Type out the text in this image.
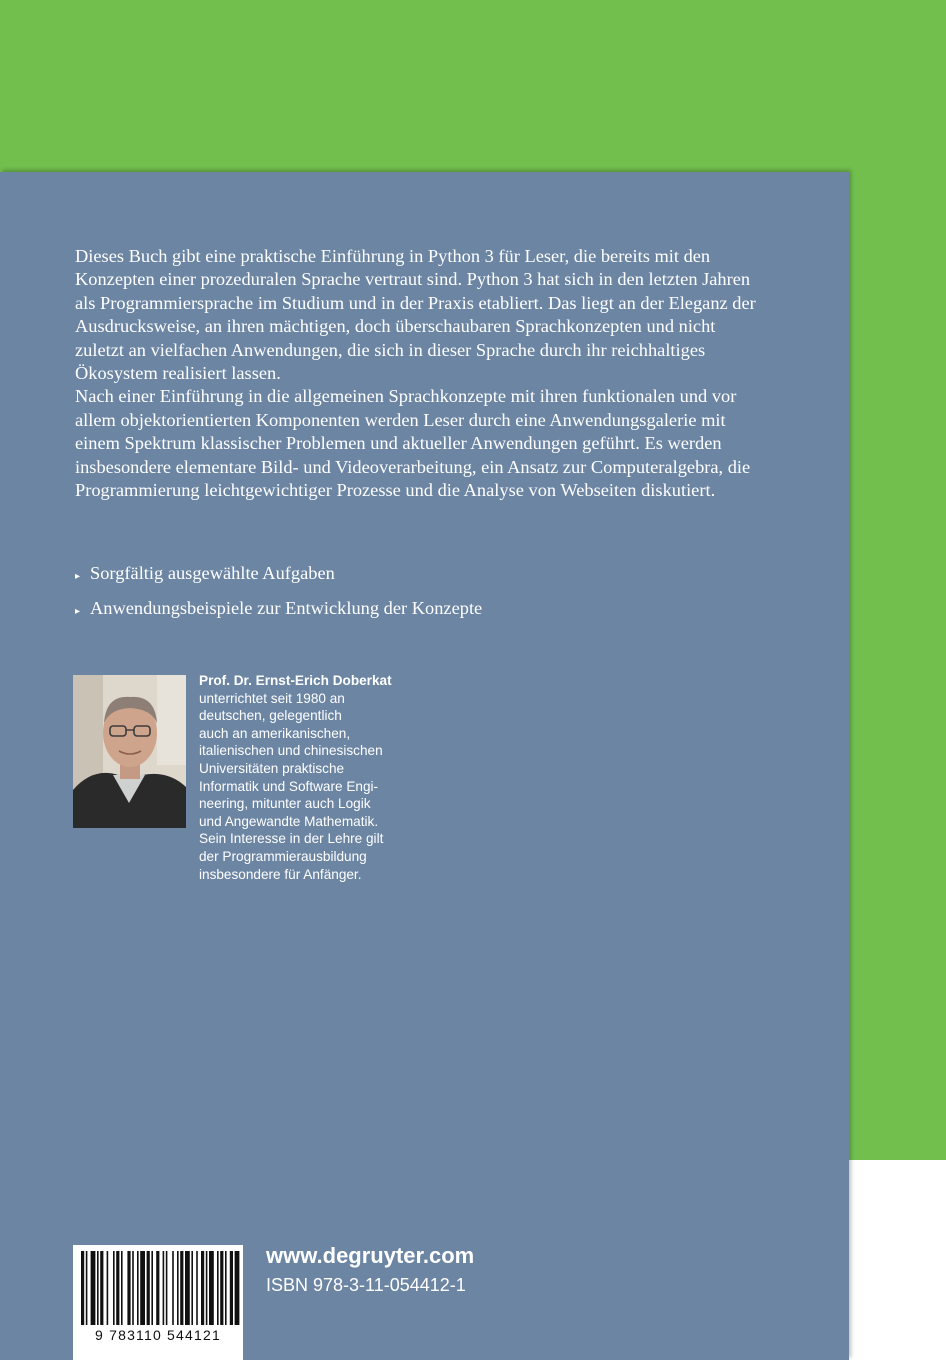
Dieses Buch gibt eine praktische Einführung in Python 3 für Leser, die bereits mit den Konzepten einer prozeduralen Sprache vertraut sind. Python 3 hat sich in den letzten Jahren als Programmiersprache im Studium und in der Praxis etabliert. Das liegt an der Eleganz der Ausdrucksweise, an ihren mächtigen, doch überschaubaren Sprachkonzepten und nicht zuletzt an vielfachen Anwendungen, die sich in dieser Sprache durch ihr reichhaltiges Ökosystem realisiert lassen.

Nach einer Einführung in die allgemeinen Sprachkonzepte mit ihren funktionalen und vor allem objektorientierten Komponenten werden Leser durch eine Anwendungsgalerie mit einem Spektrum klassischer Problemen und aktueller Anwendungen geführt. Es werden insbesondere elementare Bild- und Videoverarbeitung, ein Ansatz zur Computeralgebra, die Programmierung leichtgewichtiger Prozesse und die Analyse von Webseiten diskutiert.

▸ Sorgfältig ausgewählte Aufgaben
▸ Anwendungsbeispiele zur Entwicklung der Konzepte
Prof. Dr. Ernst-Erich Doberkat
unterrichtet seit 1980 an
deutschen, gelegentlich
auch an amerikanischen,
italienischen und chinesischen
Universitäten praktische
Informatik und Software Engi-
neering, mitunter auch Logik
und Angewandte Mathematik.
Sein Interesse in der Lehre gilt
der Programmierausbildung
insbesondere für Anfänger.
9 783110 544121
www.degruyter.com
ISBN 978-3-11-054412-1
